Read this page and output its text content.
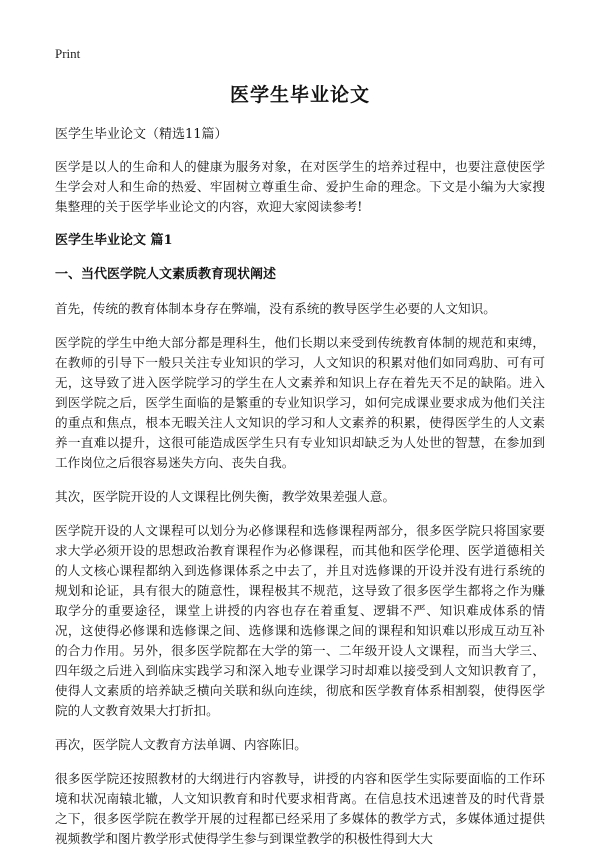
Print
医学生毕业论文
医学生毕业论文（精选11篇）

医学是以人的生命和人的健康为服务对象，在对医学生的培养过程中，也要注意使医学生学会对人和生命的热爱、牢固树立尊重生命、爱护生命的理念。下文是小编为大家搜集整理的关于医学毕业论文的内容，欢迎大家阅读参考!

医学生毕业论文 篇1
一、当代医学院人文素质教育现状阐述

首先，传统的教育体制本身存在弊端，没有系统的教导医学生必要的人文知识。

医学院的学生中绝大部分都是理科生，他们长期以来受到传统教育体制的规范和束缚，在教师的引导下一般只关注专业知识的学习，人文知识的积累对他们如同鸡肋、可有可无，这导致了进入医学院学习的学生在人文素养和知识上存在着先天不足的缺陷。进入到医学院之后，医学生面临的是繁重的专业知识学习，如何完成课业要求成为他们关注的重点和焦点，根本无暇关注人文知识的学习和人文素养的积累，使得医学生的人文素养一直难以提升，这很可能造成医学生只有专业知识却缺乏为人处世的智慧，在参加到工作岗位之后很容易迷失方向、丧失自我。

其次，医学院开设的人文课程比例失衡，教学效果差强人意。

医学院开设的人文课程可以划分为必修课程和选修课程两部分，很多医学院只将国家要求大学必须开设的思想政治教育课程作为必修课程，而其他和医学伦理、医学道德相关的人文核心课程都纳入到选修课体系之中去了，并且对选修课的开设并没有进行系统的规划和论证，具有很大的随意性，课程极其不规范，这导致了很多医学生都将之作为赚取学分的重要途径，课堂上讲授的内容也存在着重复、逻辑不严、知识难成体系的情况，这使得必修课和选修课之间、选修课和选修课之间的课程和知识难以形成互动互补的合力作用。另外，很多医学院都在大学的第一、二年级开设人文课程，而当大学三、四年级之后进入到临床实践学习和深入地专业课学习时却难以接受到人文知识教育了，使得人文素质的培养缺乏横向关联和纵向连续，彻底和医学教育体系相割裂，使得医学院的人文教育效果大打折扣。

再次，医学院人文教育方法单调、内容陈旧。

很多医学院还按照教材的大纲进行内容教导，讲授的内容和医学生实际要面临的工作环境和状况南辕北辙，人文知识教育和时代要求相背离。在信息技术迅速普及的时代背景之下，很多医学院在教学开展的过程都已经采用了多媒体的教学方式，多媒体通过提供视频教学和图片教学形式使得学生参与到课堂教学的积极性得到大大
